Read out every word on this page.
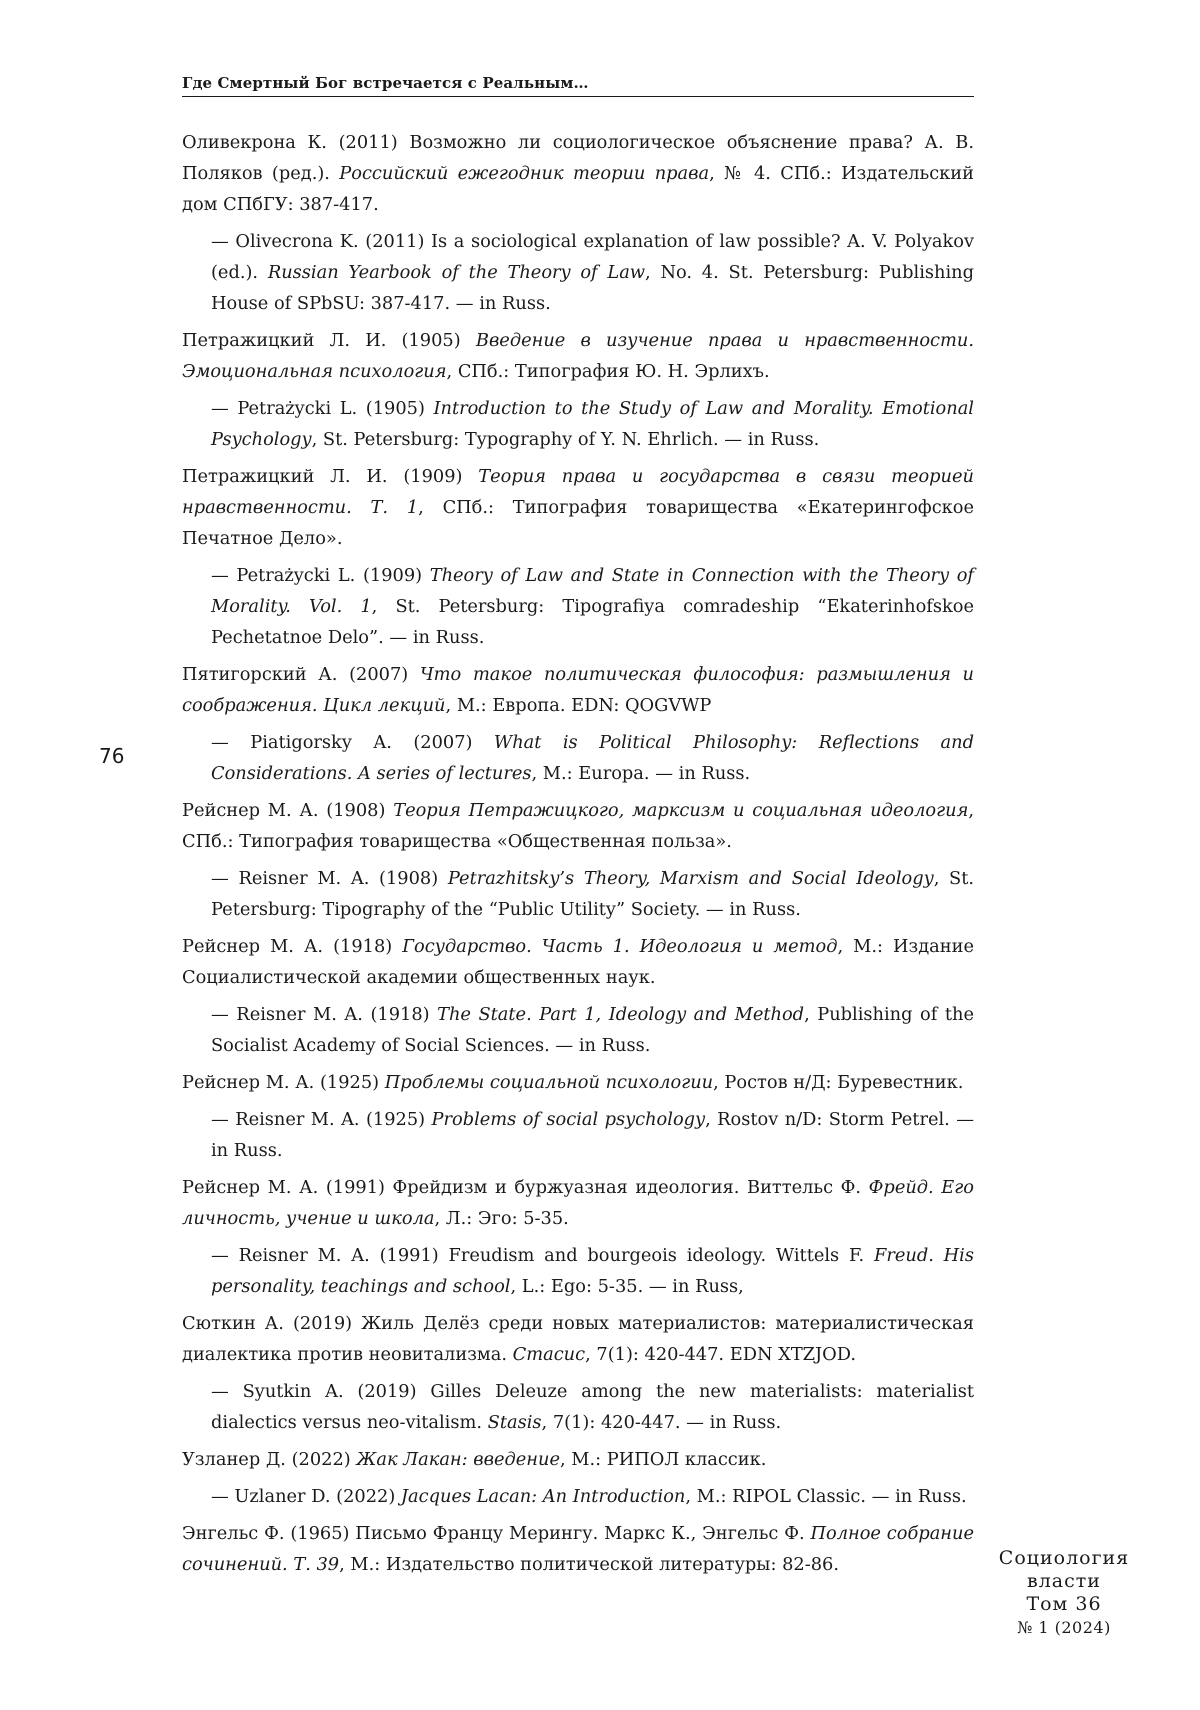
Где Смертный Бог встречается с Реальным…

Оливекрона К. (2011) Возможно ли социологическое объяснение права? А. В. Поляков (ред.). Российский ежегодник теории права, № 4. СПб.: Издательский дом СПбГУ: 387-417.

— Olivecrona K. (2011) Is a sociological explanation of law possible? A. V. Polyakov (ed.). Russian Yearbook of the Theory of Law, No. 4. St. Petersburg: Publishing House of SPbSU: 387-417. — in Russ.

Петражицкий Л. И. (1905) Введение в изучение права и нравственности. Эмоциональная психология, СПб.: Типография Ю. Н. Эрлихъ.

— Petrażycki L. (1905) Introduction to the Study of Law and Morality. Emotional Psychology, St. Petersburg: Typography of Y. N. Ehrlich. — in Russ.

Петражицкий Л. И. (1909) Теория права и государства в связи теорией нравственности. Т. 1, СПб.: Типография товарищества «Екатерингофское Печатное Дело».

— Petrażycki L. (1909) Theory of Law and State in Connection with the Theory of Morality. Vol. 1, St. Petersburg: Tipografiya comradeship “Ekaterinhofskoe Pechetatnoe Delo”. — in Russ.

Пятигорский А. (2007) Что такое политическая философия: размышления и соображения. Цикл лекций, М.: Европа. EDN: QOGVWP

— Piatigorsky A. (2007) What is Political Philosophy: Reflections and Considerations. A series of lectures, M.: Europa. — in Russ.

Рейснер М. А. (1908) Теория Петражицкого, марксизм и социальная идеология, СПб.: Типография товарищества «Общественная польза».

— Reisner M. A. (1908) Petrazhitsky’s Theory, Marxism and Social Ideology, St. Petersburg: Tipography of the “Public Utility” Society. — in Russ.

Рейснер М. А. (1918) Государство. Часть 1. Идеология и метод, М.: Издание Социалистической академии общественных наук.

— Reisner M. A. (1918) The State. Part 1, Ideology and Method, Publishing of the Socialist Academy of Social Sciences. — in Russ.

Рейснер М. А. (1925) Проблемы социальной психологии, Ростов н/Д: Буревестник.

— Reisner M. A. (1925) Problems of social psychology, Rostov n/D: Storm Petrel. — in Russ.

Рейснер М. А. (1991) Фрейдизм и буржуазная идеология. Виттельс Ф. Фрейд. Его личность, учение и школа, Л.: Эго: 5-35.

— Reisner M. A. (1991) Freudism and bourgeois ideology. Wittels F. Freud. His personality, teachings and school, L.: Ego: 5-35. — in Russ,

Сюткин А. (2019) Жиль Делёз среди новых материалистов: материалистическая диалектика против неовитализма. Стасис, 7(1): 420-447. EDN XTZJOD.

— Syutkin A. (2019) Gilles Deleuze among the new materialists: materialist dialectics versus neo-vitalism. Stasis, 7(1): 420-447. — in Russ.

Узланер Д. (2022) Жак Лакан: введение, М.: РИПОЛ классик.

— Uzlaner D. (2022) Jacques Lacan: An Introduction, M.: RIPOL Classic. — in Russ.

Энгельс Ф. (1965) Письмо Францу Мерингу. Маркс К., Энгельс Ф. Полное собрание сочинений. Т. 39, М.: Издательство политической литературы: 82-86.

76
Социология
власти
Том 36
№ 1 (2024)
